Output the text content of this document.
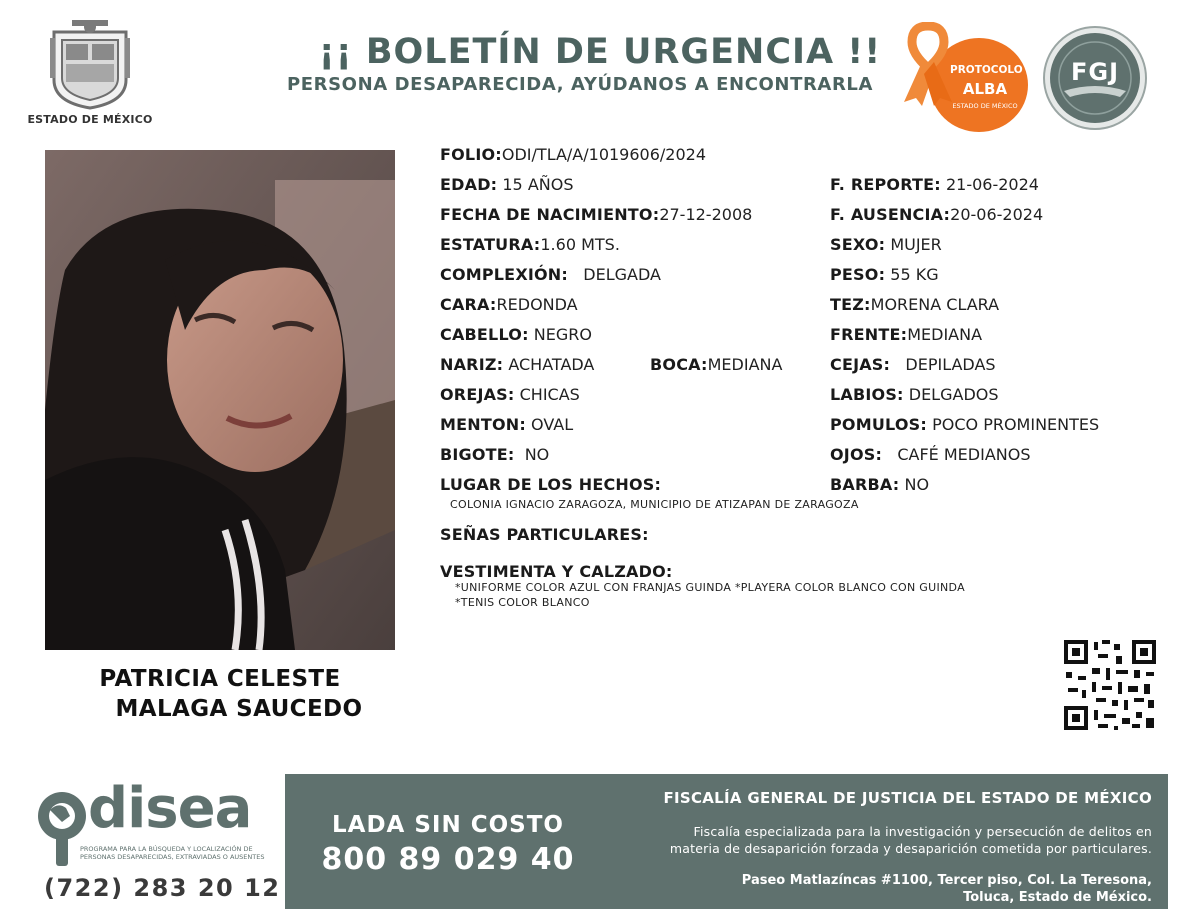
ESTADO DE MÉXICO
¡¡ BOLETÍN DE URGENCIA !!
PERSONA DESAPARECIDA, AYÚDANOS A ENCONTRARLA
PROTOCOLO
ALBA
ESTADO DE MÉXICO
FGJ
PATRICIA CELESTE
MALAGA SAUCEDO
FOLIO:ODI/TLA/A/1019606/2024
EDAD: 15 AÑOS	F. REPORTE: 21-06-2024
FECHA DE NACIMIENTO:27-12-2008	F. AUSENCIA:20-06-2024
ESTATURA:1.60 MTS.	SEXO: MUJER
COMPLEXIÓN: DELGADA	PESO: 55 KG
CARA:REDONDA	TEZ:MORENA CLARA
CABELLO: NEGRO	FRENTE:MEDIANA
NARIZ: ACHATADA	BOCA:MEDIANA	CEJAS: DEPILADAS
OREJAS: CHICAS	LABIOS: DELGADOS
MENTON: OVAL	POMULOS: POCO PROMINENTES
BIGOTE: NO	OJOS: CAFÉ MEDIANOS
LUGAR DE LOS HECHOS:	BARBA: NO
COLONIA IGNACIO ZARAGOZA, MUNICIPIO DE ATIZAPAN DE ZARAGOZA
SEÑAS PARTICULARES:
VESTIMENTA Y CALZADO:
*UNIFORME COLOR AZUL CON FRANJAS GUINDA *PLAYERA COLOR BLANCO CON GUINDA
*TENIS COLOR BLANCO
disea
PROGRAMA PARA LA BÚSQUEDA Y LOCALIZACIÓN DE PERSONAS DESAPARECIDAS, EXTRAVIADAS O AUSENTES
(722) 283 20 12
LADA SIN COSTO
800 89 029 40
FISCALÍA GENERAL DE JUSTICIA DEL ESTADO DE MÉXICO
Fiscalía especializada para la investigación y persecución de delitos en
materia de desaparición forzada y desaparición cometida por particulares.
Paseo Matlazíncas #1100, Tercer piso, Col. La Teresona,
Toluca, Estado de México.
